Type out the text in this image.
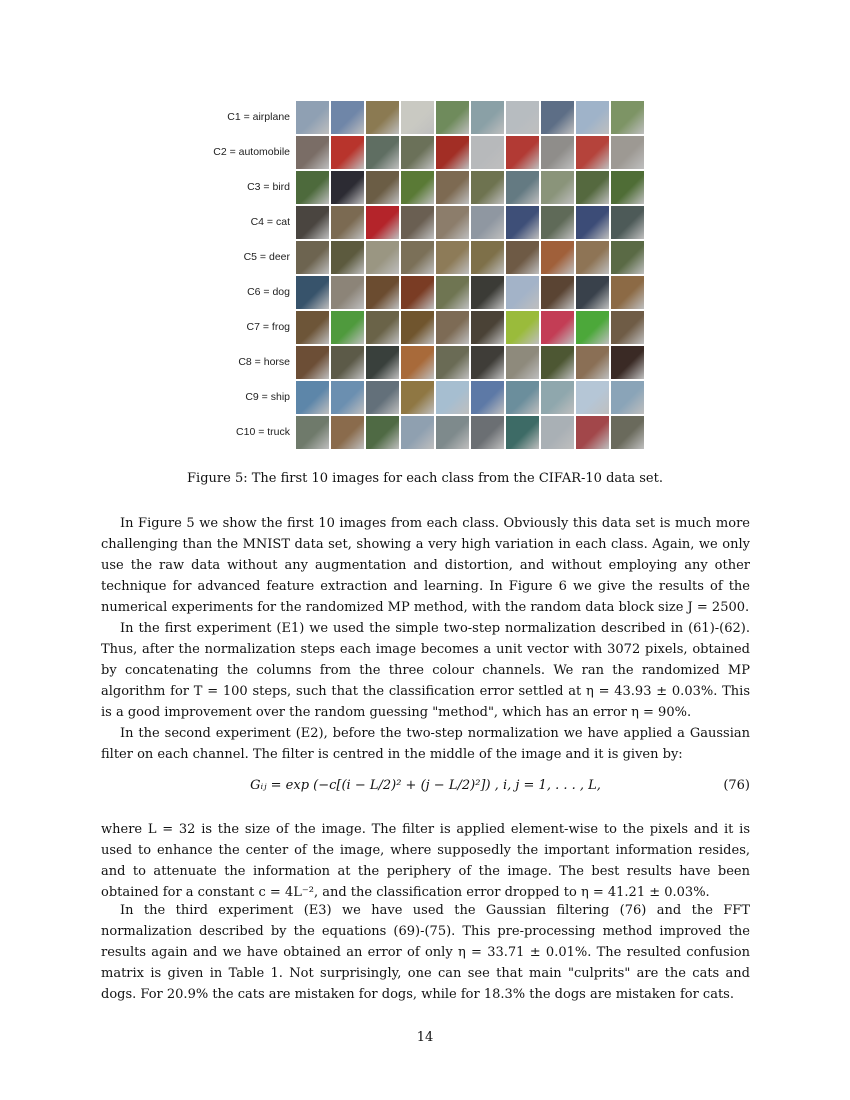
C1 = airplane
C2 = automobile
C3 = bird
C4 = cat
C5 = deer
C6 = dog
C7 = frog
C8 = horse
C9 = ship
C10 = truck
Figure 5: The first 10 images for each class from the CIFAR-10 data set.

In Figure 5 we show the first 10 images from each class. Obviously this data set is much more challenging than the MNIST data set, showing a very high variation in each class. Again, we only use the raw data without any augmentation and distortion, and without employing any other technique for advanced feature extraction and learning. In Figure 6 we give the results of the numerical experiments for the randomized MP method, with the random data block size J = 2500.

In the first experiment (E1) we used the simple two-step normalization described in (61)-(62). Thus, after the normalization steps each image becomes a unit vector with 3072 pixels, obtained by concatenating the columns from the three colour channels. We ran the randomized MP algorithm for T = 100 steps, such that the classification error settled at η = 43.93 ± 0.03%. This is a good improvement over the random guessing "method", which has an error η = 90%.

In the second experiment (E2), before the two-step normalization we have applied a Gaussian filter on each channel. The filter is centred in the middle of the image and it is given by:

Gᵢⱼ = exp (−c[(i − L/2)² + (j − L/2)²]) , i, j = 1, . . . , L,	(76)

where L = 32 is the size of the image. The filter is applied element-wise to the pixels and it is used to enhance the center of the image, where supposedly the important information resides, and to attenuate the information at the periphery of the image. The best results have been obtained for a constant c = 4L⁻², and the classification error dropped to η = 41.21 ± 0.03%.

In the third experiment (E3) we have used the Gaussian filtering (76) and the FFT normalization described by the equations (69)-(75). This pre-processing method improved the results again and we have obtained an error of only η = 33.71 ± 0.01%. The resulted confusion matrix is given in Table 1. Not surprisingly, one can see that main "culprits" are the cats and dogs. For 20.9% the cats are mistaken for dogs, while for 18.3% the dogs are mistaken for cats.

14
